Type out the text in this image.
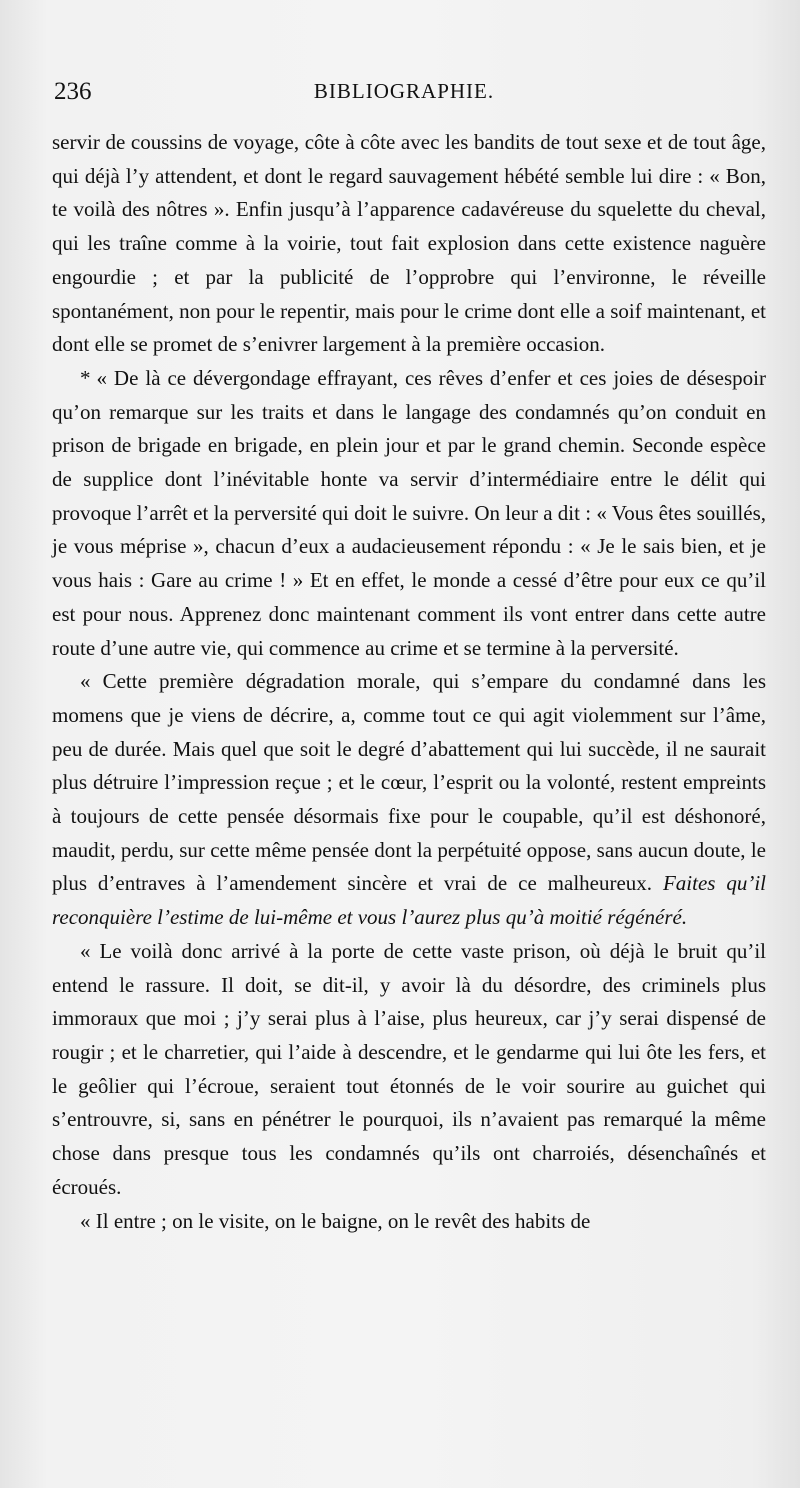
236	BIBLIOGRAPHIE.

servir de coussins de voyage, côte à côte avec les bandits de tout sexe et de tout âge, qui déjà l’y attendent, et dont le regard sauvagement hébété semble lui dire : « Bon, te voilà des nôtres ». Enfin jusqu’à l’apparence cadavéreuse du squelette du cheval, qui les traîne comme à la voirie, tout fait explosion dans cette existence naguère engourdie ; et par la publicité de l’opprobre qui l’environne, le réveille spontanément, non pour le repentir, mais pour le crime dont elle a soif maintenant, et dont elle se promet de s’enivrer largement à la première occasion.

* « De là ce dévergondage effrayant, ces rêves d’enfer et ces joies de désespoir qu’on remarque sur les traits et dans le langage des condamnés qu’on conduit en prison de brigade en brigade, en plein jour et par le grand chemin. Seconde espèce de supplice dont l’inévitable honte va servir d’intermédiaire entre le délit qui provoque l’arrêt et la perversité qui doit le suivre. On leur a dit : « Vous êtes souillés, je vous méprise », chacun d’eux a audacieusement répondu : « Je le sais bien, et je vous hais : Gare au crime ! » Et en effet, le monde a cessé d’être pour eux ce qu’il est pour nous. Apprenez donc maintenant comment ils vont entrer dans cette autre route d’une autre vie, qui commence au crime et se termine à la perversité.

« Cette première dégradation morale, qui s’empare du condamné dans les momens que je viens de décrire, a, comme tout ce qui agit violemment sur l’âme, peu de durée. Mais quel que soit le degré d’abattement qui lui succède, il ne saurait plus détruire l’impression reçue ; et le cœur, l’esprit ou la volonté, restent empreints à toujours de cette pensée désormais fixe pour le coupable, qu’il est déshonoré, maudit, perdu, sur cette même pensée dont la perpétuité oppose, sans aucun doute, le plus d’entraves à l’amendement sincère et vrai de ce malheureux. Faites qu’il reconquière l’estime de lui-même et vous l’aurez plus qu’à moitié régénéré.

« Le voilà donc arrivé à la porte de cette vaste prison, où déjà le bruit qu’il entend le rassure. Il doit, se dit-il, y avoir là du désordre, des criminels plus immoraux que moi ; j’y serai plus à l’aise, plus heureux, car j’y serai dispensé de rougir ; et le charretier, qui l’aide à descendre, et le gendarme qui lui ôte les fers, et le geôlier qui l’écroue, seraient tout étonnés de le voir sourire au guichet qui s’entrouvre, si, sans en pénétrer le pourquoi, ils n’avaient pas remarqué la même chose dans presque tous les condamnés qu’ils ont charroiés, désenchaînés et écroués.

« Il entre ; on le visite, on le baigne, on le revêt des habits de
